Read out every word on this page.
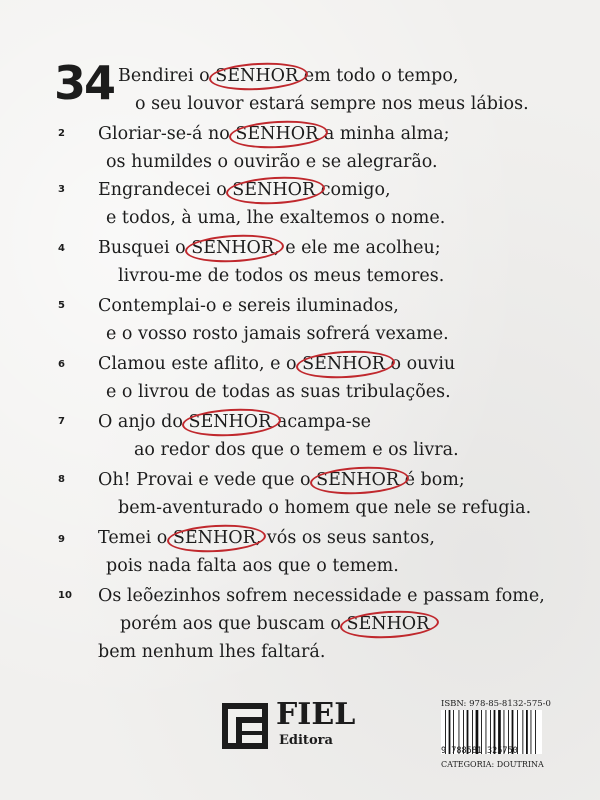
34 Bendirei o SENHOR em todo o tempo,
o seu louvor estará sempre nos meus lábios.
2 Gloriar-se-á no SENHOR a minha alma;
os humildes o ouvirão e se alegrarão.
3 Engrandecei o SENHOR comigo,
e todos, à uma, lhe exaltemos o nome.
4 Busquei o SENHOR, e ele me acolheu;
livrou-me de todos os meus temores.
5 Contemplai-o e sereis iluminados,
e o vosso rosto jamais sofrerá vexame.
6 Clamou este aflito, e o SENHOR o ouviu
e o livrou de todas as suas tribulações.
7 O anjo do SENHOR acampa-se
ao redor dos que o temem e os livra.
8 Oh! Provai e vede que o SENHOR é bom;
bem-aventurado o homem que nele se refugia.
9 Temei o SENHOR, vós os seus santos,
pois nada falta aos que o temem.
10 Os leõezinhos sofrem necessidade e passam fome,
porém aos que buscam o SENHOR
bem nenhum lhes faltará.
FIEL
Editora
ISBN: 978-85-8132-575-0
9 788581 325750
CATEGORIA: DOUTRINA
